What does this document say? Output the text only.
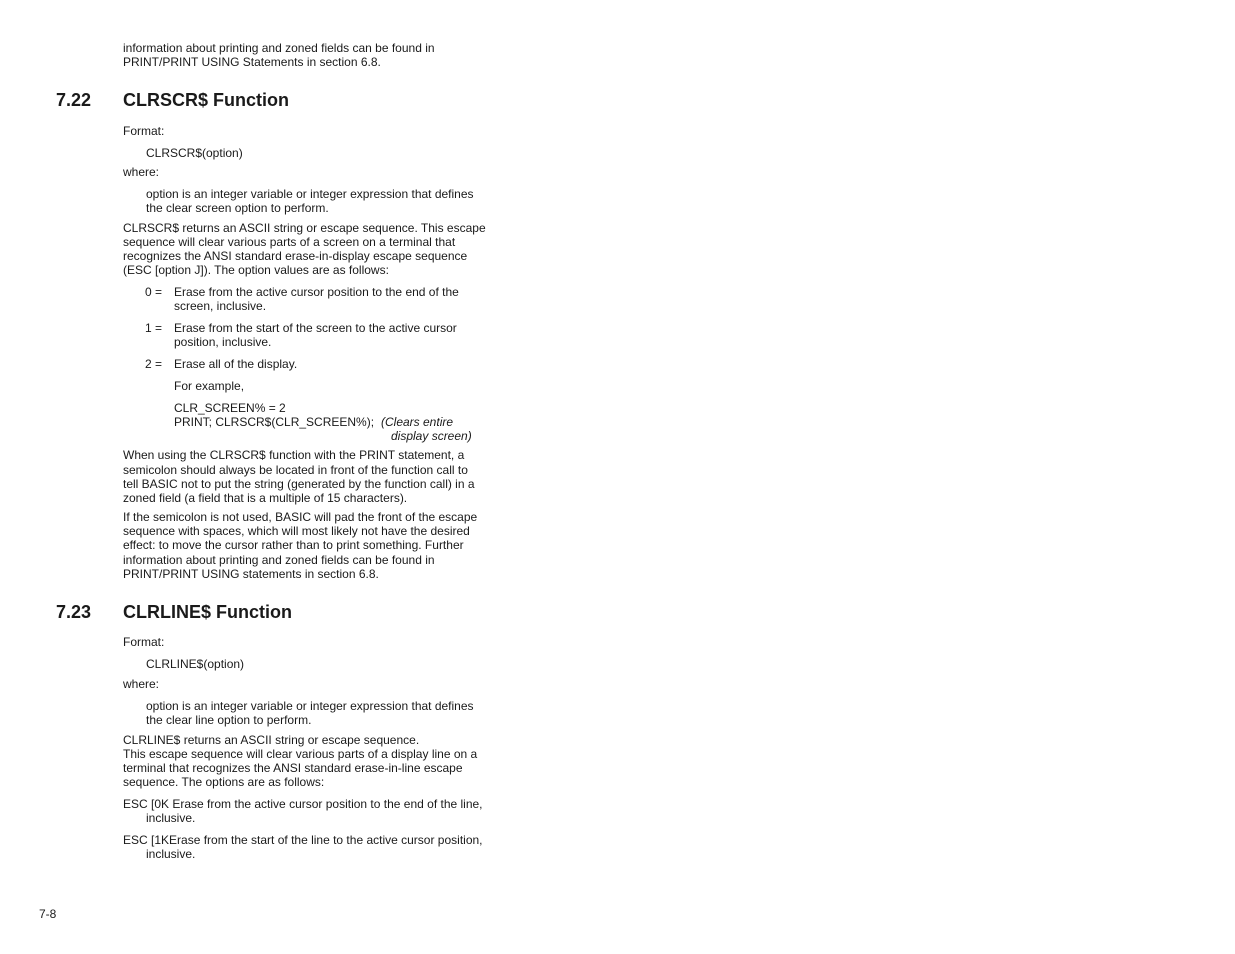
information about printing and zoned fields can be found in

PRINT/PRINT USING Statements in section 6.8.

7.22 CLRSCR$ Function

Format:

CLRSCR$(option)

where:

option is an integer variable or integer expression that defines

the clear screen option to perform.

CLRSCR$ returns an ASCII string or escape sequence. This escape

sequence will clear various parts of a screen on a terminal that

recognizes the ANSI standard erase-in-display escape sequence

(ESC [option J]). The option values are as follows:

0 = Erase from the active cursor position to the end of the

screen, inclusive.

1 = Erase from the start of the screen to the active cursor

position, inclusive.

2 = Erase all of the display.

For example,

CLR_SCREEN% = 2

PRINT; CLRSCR$(CLR_SCREEN%); (Clears entire

display screen)

When using the CLRSCR$ function with the PRINT statement, a

semicolon should always be located in front of the function call to

tell BASIC not to put the string (generated by the function call) in a

zoned field (a field that is a multiple of 15 characters).

If the semicolon is not used, BASIC will pad the front of the escape

sequence with spaces, which will most likely not have the desired

effect: to move the cursor rather than to print something. Further

information about printing and zoned fields can be found in

PRINT/PRINT USING statements in section 6.8.

7.23 CLRLINE$ Function

Format:

CLRLINE$(option)

where:

option is an integer variable or integer expression that defines

the clear line option to perform.

CLRLINE$ returns an ASCII string or escape sequence.

This escape sequence will clear various parts of a display line on a

terminal that recognizes the ANSI standard erase-in-line escape

sequence. The options are as follows:

ESC [0K Erase from the active cursor position to the end of the line,

inclusive.

ESC [1KErase from the start of the line to the active cursor position,

inclusive.

7-8
